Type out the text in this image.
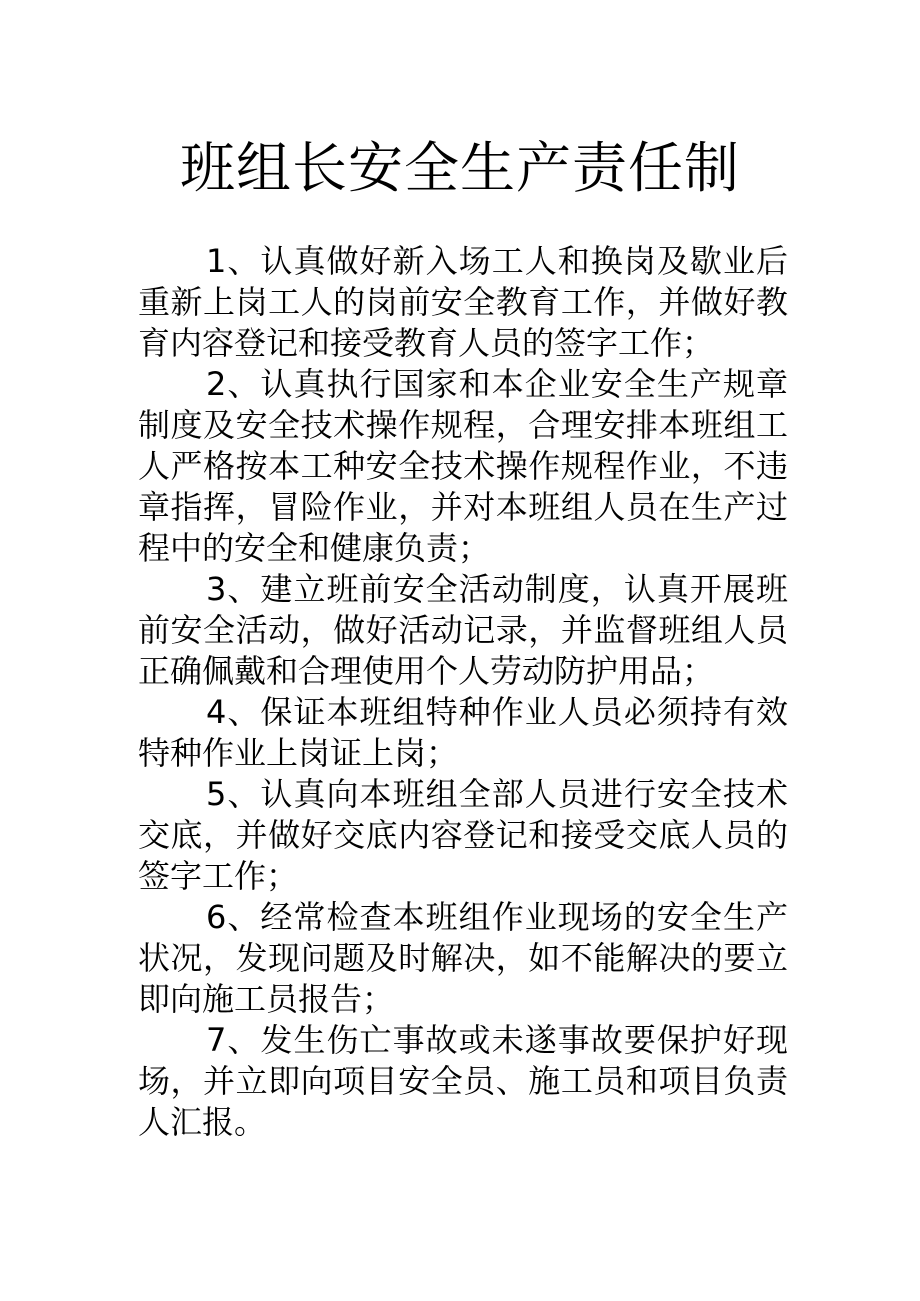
班组长安全生产责任制

1、认真做好新入场工人和换岗及歇业后重新上岗工人的岗前安全教育工作，并做好教育内容登记和接受教育人员的签字工作；

2、认真执行国家和本企业安全生产规章制度及安全技术操作规程，合理安排本班组工人严格按本工种安全技术操作规程作业，不违章指挥，冒险作业，并对本班组人员在生产过程中的安全和健康负责；

3、建立班前安全活动制度，认真开展班前安全活动，做好活动记录，并监督班组人员正确佩戴和合理使用个人劳动防护用品；

4、保证本班组特种作业人员必须持有效特种作业上岗证上岗；

5、认真向本班组全部人员进行安全技术交底，并做好交底内容登记和接受交底人员的签字工作；

6、经常检查本班组作业现场的安全生产状况，发现问题及时解决，如不能解决的要立即向施工员报告；

7、发生伤亡事故或未遂事故要保护好现场，并立即向项目安全员、施工员和项目负责人汇报。
